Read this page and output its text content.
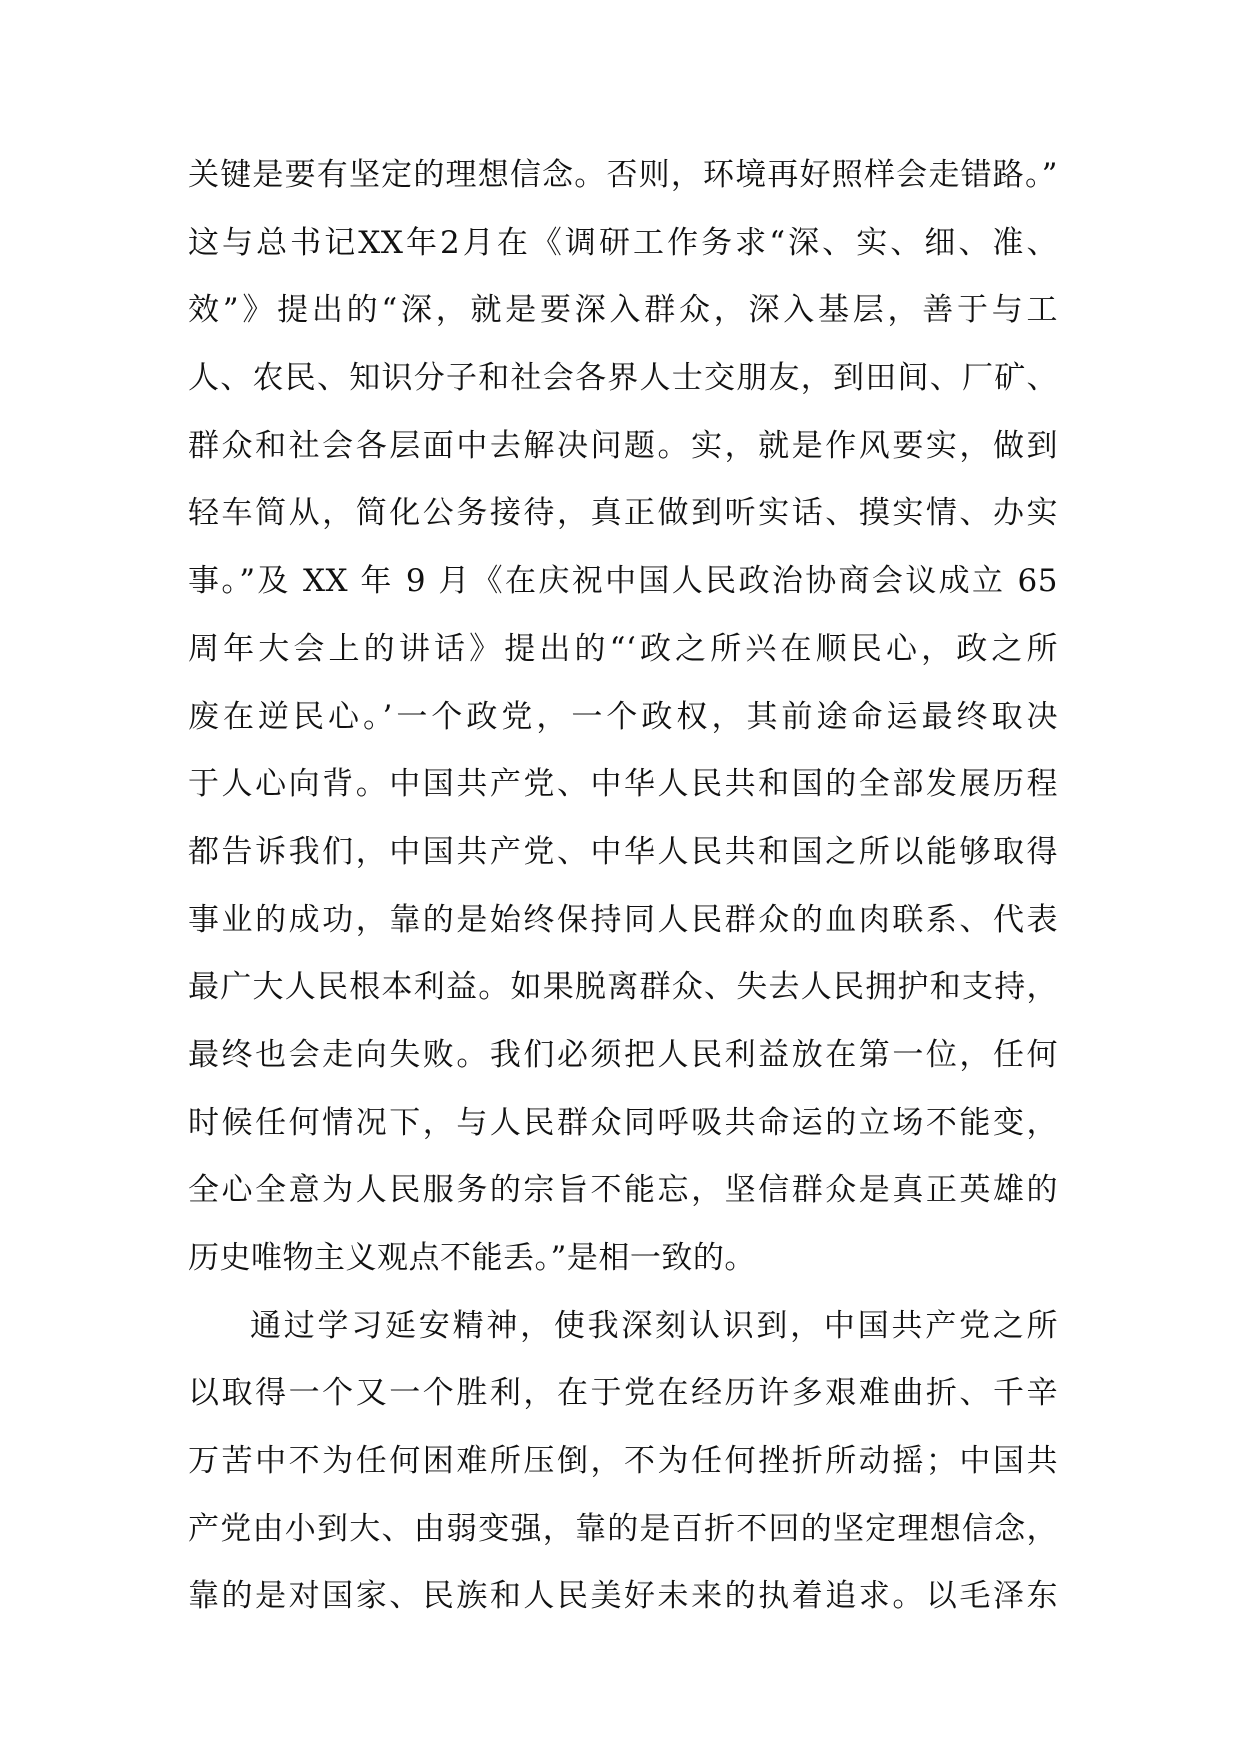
关键是要有坚定的理想信念。否则，环境再好照样会走错路。”
这与总书记XX年2月在《调研工作务求“深、实、细、准、
效”》提出的“深，就是要深入群众，深入基层，善于与工
人、农民、知识分子和社会各界人士交朋友，到田间、厂矿、
群众和社会各层面中去解决问题。实，就是作风要实，做到
轻车简从，简化公务接待，真正做到听实话、摸实情、办实
事。”及 XX 年 9 月《在庆祝中国人民政治协商会议成立 65
周年大会上的讲话》提出的“‘政之所兴在顺民心，政之所
废在逆民心。’一个政党，一个政权，其前途命运最终取决
于人心向背。中国共产党、中华人民共和国的全部发展历程
都告诉我们，中国共产党、中华人民共和国之所以能够取得
事业的成功，靠的是始终保持同人民群众的血肉联系、代表
最广大人民根本利益。如果脱离群众、失去人民拥护和支持，
最终也会走向失败。我们必须把人民利益放在第一位，任何
时候任何情况下，与人民群众同呼吸共命运的立场不能变，
全心全意为人民服务的宗旨不能忘，坚信群众是真正英雄的
历史唯物主义观点不能丢。”是相一致的。
通过学习延安精神，使我深刻认识到，中国共产党之所
以取得一个又一个胜利，在于党在经历许多艰难曲折、千辛
万苦中不为任何困难所压倒，不为任何挫折所动摇；中国共
产党由小到大、由弱变强，靠的是百折不回的坚定理想信念，
靠的是对国家、民族和人民美好未来的执着追求。以毛泽东
